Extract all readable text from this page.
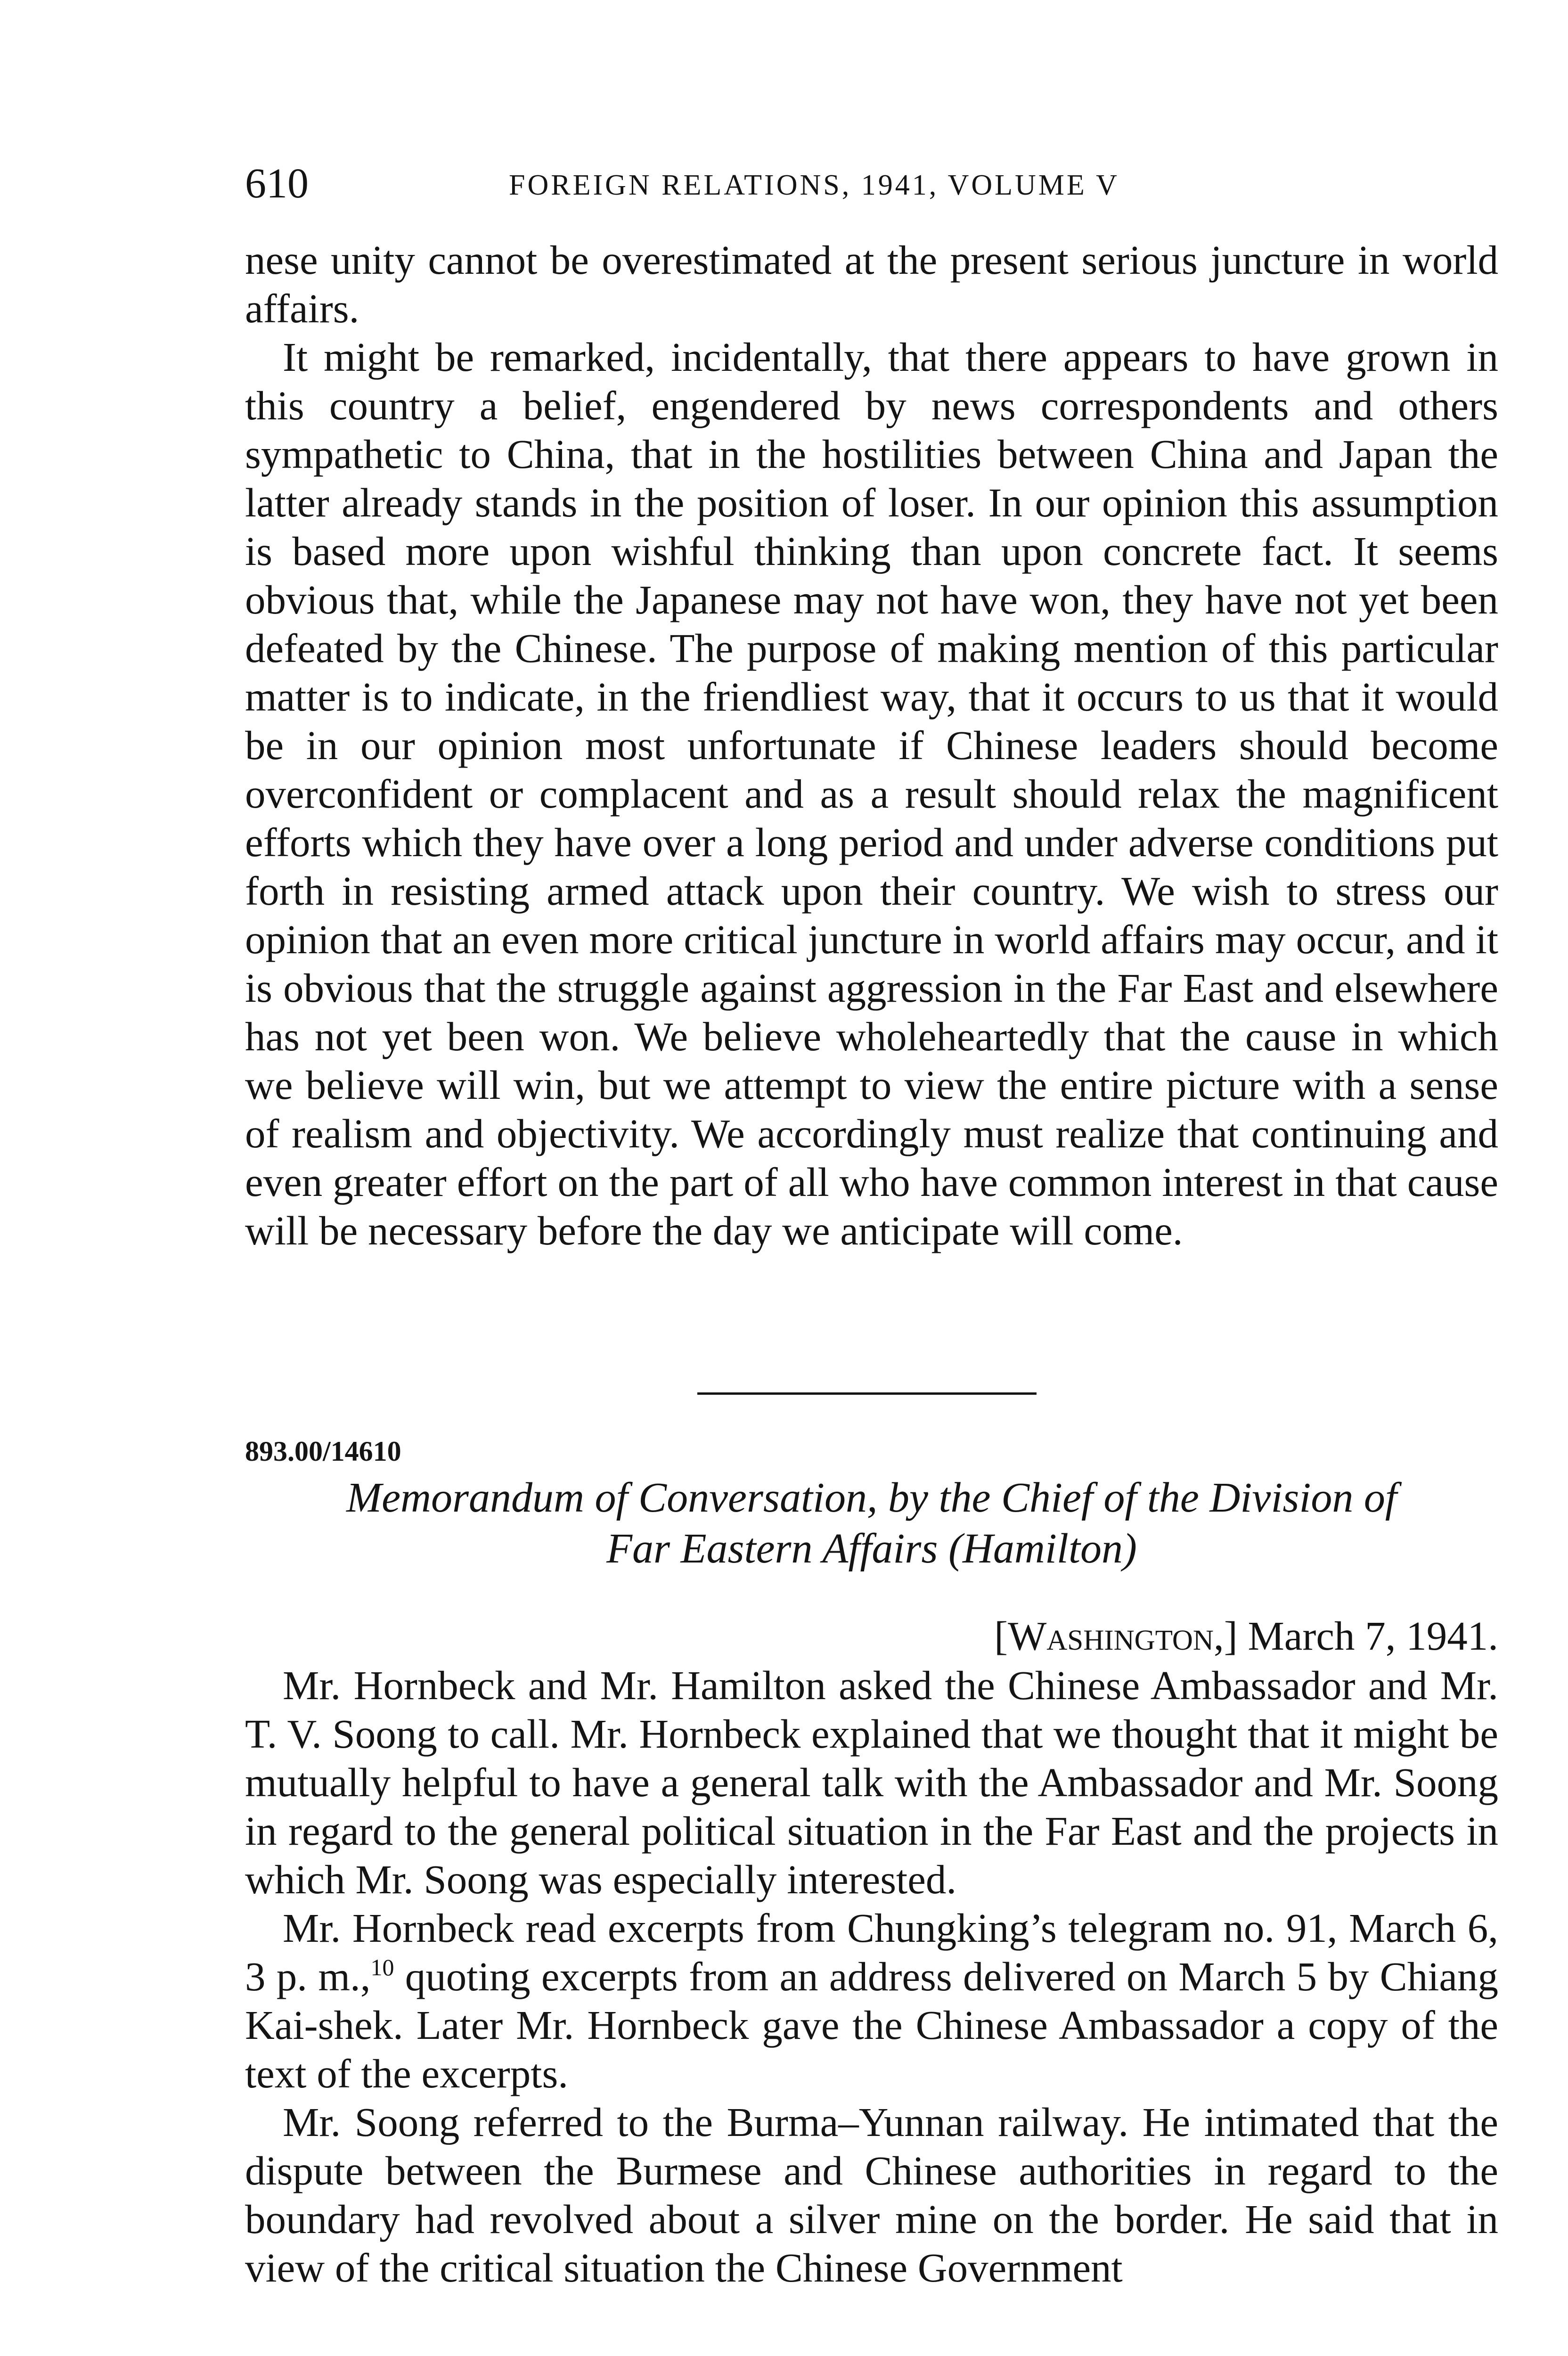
610	FOREIGN RELATIONS, 1941, VOLUME V

nese unity cannot be overestimated at the present serious juncture in world affairs.

It might be remarked, incidentally, that there appears to have grown in this country a belief, engendered by news correspondents and others sympathetic to China, that in the hostilities between China and Japan the latter already stands in the position of loser. In our opinion this assumption is based more upon wishful thinking than upon concrete fact. It seems obvious that, while the Japanese may not have won, they have not yet been defeated by the Chinese. The purpose of making mention of this particular matter is to indicate, in the friendliest way, that it occurs to us that it would be in our opinion most unfortunate if Chinese leaders should become overconfident or complacent and as a result should relax the magnificent efforts which they have over a long period and under adverse conditions put forth in resisting armed attack upon their country. We wish to stress our opinion that an even more critical juncture in world affairs may occur, and it is obvious that the struggle against aggression in the Far East and elsewhere has not yet been won. We believe wholeheartedly that the cause in which we believe will win, but we attempt to view the entire picture with a sense of realism and objectivity. We accordingly must realize that continuing and even greater effort on the part of all who have common interest in that cause will be necessary before the day we anticipate will come.

893.00/14610
Memorandum of Conversation, by the Chief of the Division of
Far Eastern Affairs (Hamilton)
[Washington,] March 7, 1941.

Mr. Hornbeck and Mr. Hamilton asked the Chinese Ambassador and Mr. T. V. Soong to call. Mr. Hornbeck explained that we thought that it might be mutually helpful to have a general talk with the Ambassador and Mr. Soong in regard to the general political situation in the Far East and the projects in which Mr. Soong was especially interested.

Mr. Hornbeck read excerpts from Chungking’s telegram no. 91, March 6, 3 p. m.,$^{10}$ quoting excerpts from an address delivered on March 5 by Chiang Kai-shek. Later Mr. Hornbeck gave the Chinese Ambassador a copy of the text of the excerpts.

Mr. Soong referred to the Burma–Yunnan railway. He intimated that the dispute between the Burmese and Chinese authorities in regard to the boundary had revolved about a silver mine on the border. He said that in view of the critical situation the Chinese Government
